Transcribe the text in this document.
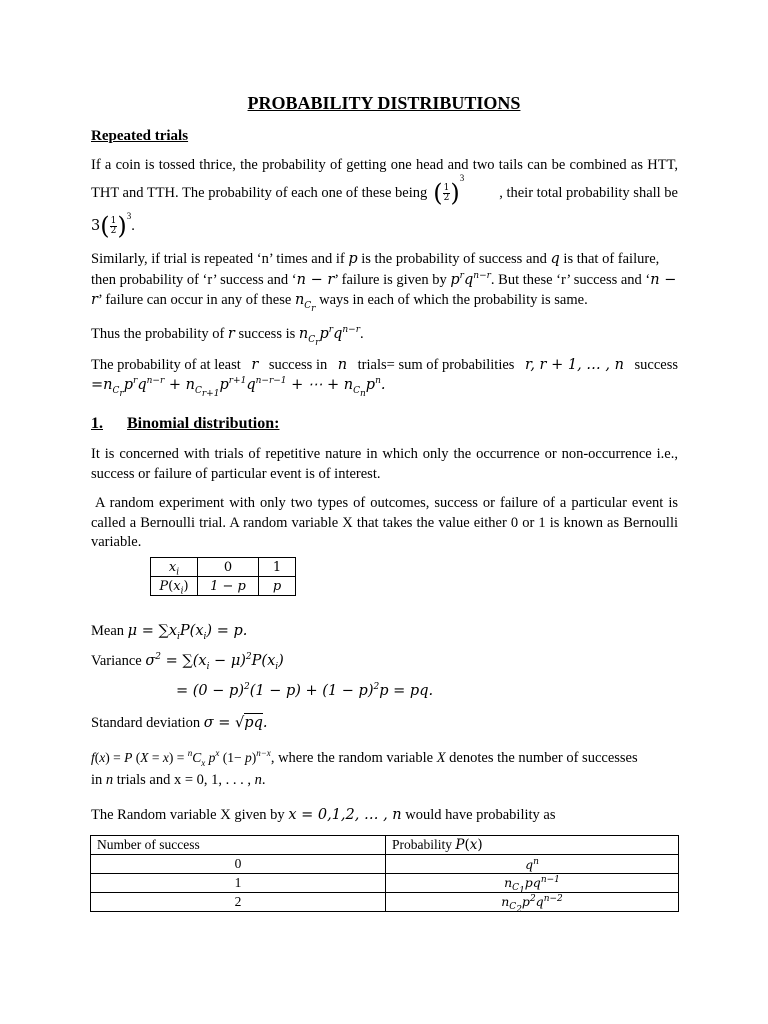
PROBABILITY DISTRIBUTIONS
Repeated trials
If a coin is tossed thrice, the probability of getting one head and two tails can be combined as HTT,
THT and TTH. The probability of each one of these being ( $\frac{1}{2} )^3$
, their total probability shall be
3 ( $\frac{1}{2} )^3$
.
Similarly, if trial is repeated ‘n’ times and if p is the probability of success and q is that of failure,
then probability of ‘r’ success and ‘n − r’ failure is given by $p^rq^{n-r}$. But these ‘r’ success and ‘n −
r’ failure can occur in any of these $n_{C_r}$ ways in each of which the probability is same.
Thus the probability of r success is $n_{C_r}p^rq^{n-r}$.
The probability of at least r success in n trials= sum of probabilities r, r + 1, … , n success
$=n_{C_r}p^rq^{n-r} + n_{C_{r+1}}p^{r+1}q^{n-r-1}$ + ⋯ + $n_{C_n}p^n$.
1. Binomial distribution:
It is concerned with trials of repetitive nature in which only the occurrence or non-occurrence i.e.,
success or failure of particular event is of interest.
A random experiment with only two types of outcomes, success or failure of a particular event is
called a Bernoulli trial. A random variable X that takes the value either 0 or 1 is known as Bernoulli
variable.
$x_i$	0	1
$P(x_i)$	1 − p	p
Mean $\mu = \sum x_iP(x_i) = p$.
Variance $\sigma^2 = \sum(x_i - \mu)^2P(x_i)$
= $(0 - p)^2(1 - p) + (1 - p)^2p$ = pq.
Standard deviation σ = √pq.
f(x) = P $(X = x) = ^nC_x$ $p^x$ $(1- p)^{n-x}$, where the random variable X denotes the number of successes
in n trials and x = 0, 1, . . . , n.
The Random variable X given by x = 0,1,2, … , n would have probability as
Number of success	Probability P(x)
0	$q^n$
1	$n_{C_1}pq^{n-1}$
2	$n_{C_2}p^2q^{n-2}$
